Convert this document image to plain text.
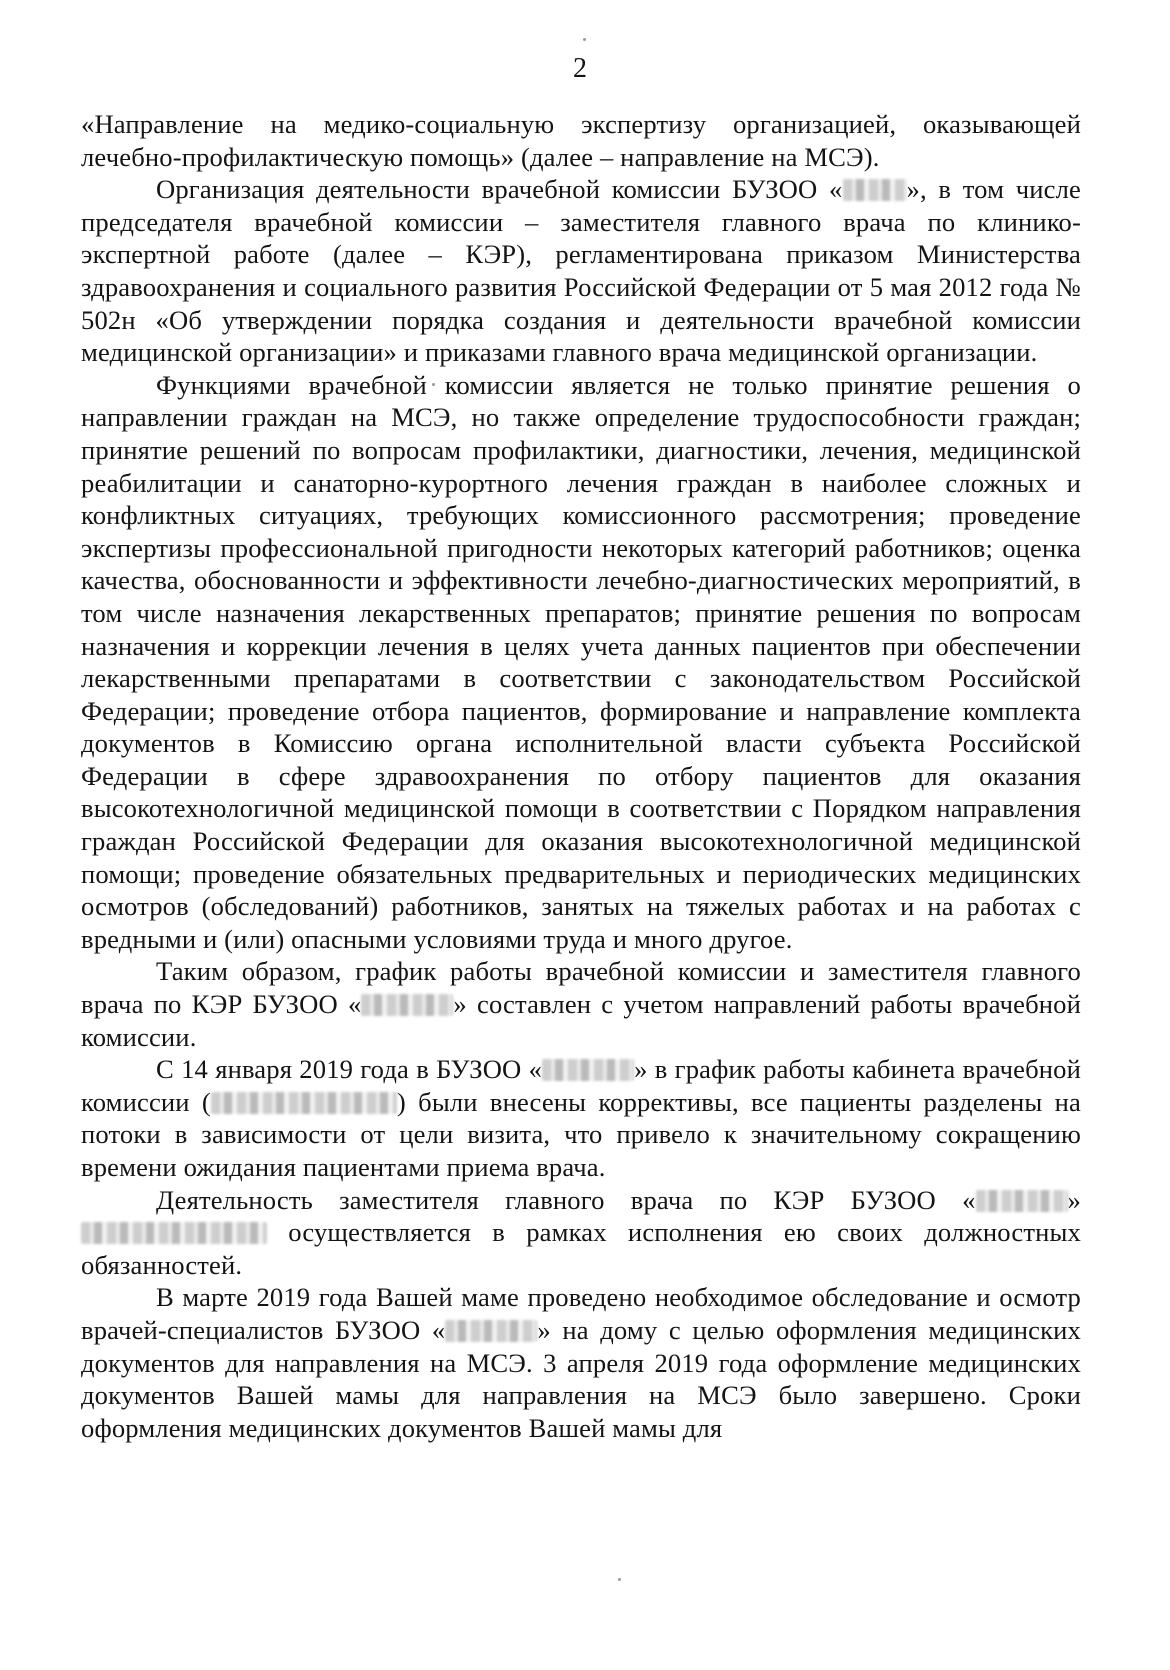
2

«Направление на медико-социальную экспертизу организацией, оказывающей лечебно-профилактическую помощь» (далее – направление на МСЭ).

Организация деятельности врачебной комиссии БУЗОО « », в том числе председателя врачебной комиссии – заместителя главного врача по клинико-экспертной работе (далее – КЭР), регламентирована приказом Министерства здравоохранения и социального развития Российской Федерации от 5 мая 2012 года № 502н «Об утверждении порядка создания и деятельности врачебной комиссии медицинской организации» и приказами главного врача медицинской организации.

Функциями врачебной комиссии является не только принятие решения о направлении граждан на МСЭ, но также определение трудоспособности граждан; принятие решений по вопросам профилактики, диагностики, лечения, медицинской реабилитации и санаторно-курортного лечения граждан в наиболее сложных и конфликтных ситуациях, требующих комиссионного рассмотрения; проведение экспертизы профессиональной пригодности некоторых категорий работников; оценка качества, обоснованности и эффективности лечебно-диагностических мероприятий, в том числе назначения лекарственных препаратов; принятие решения по вопросам назначения и коррекции лечения в целях учета данных пациентов при обеспечении лекарственными препаратами в соответствии с законодательством Российской Федерации; проведение отбора пациентов, формирование и направление комплекта документов в Комиссию органа исполнительной власти субъекта Российской Федерации в сфере здравоохранения по отбору пациентов для оказания высокотехнологичной медицинской помощи в соответствии с Порядком направления граждан Российской Федерации для оказания высокотехнологичной медицинской помощи; проведение обязательных предварительных и периодических медицинских осмотров (обследований) работников, занятых на тяжелых работах и на работах с вредными и (или) опасными условиями труда и много другое.

Таким образом, график работы врачебной комиссии и заместителя главного врача по КЭР БУЗОО «	» составлен с учетом направлений работы врачебной комиссии.

С 14 января 2019 года в БУЗОО «	» в график работы кабинета врачебной комиссии (	) были внесены коррективы, все пациенты разделены на потоки в зависимости от цели визита, что привело к значительному сокращению времени ожидания пациентами приема врача.

Деятельность заместителя главного врача по КЭР БУЗОО «	»  осуществляется в рамках исполнения ею своих должностных обязанностей.

В марте 2019 года Вашей маме проведено необходимое обследование и осмотр врачей-специалистов БУЗОО «	» на дому с целью оформления медицинских документов для направления на МСЭ. 3 апреля 2019 года оформление медицинских документов Вашей мамы для направления на МСЭ было завершено. Сроки оформления медицинских документов Вашей мамы для
